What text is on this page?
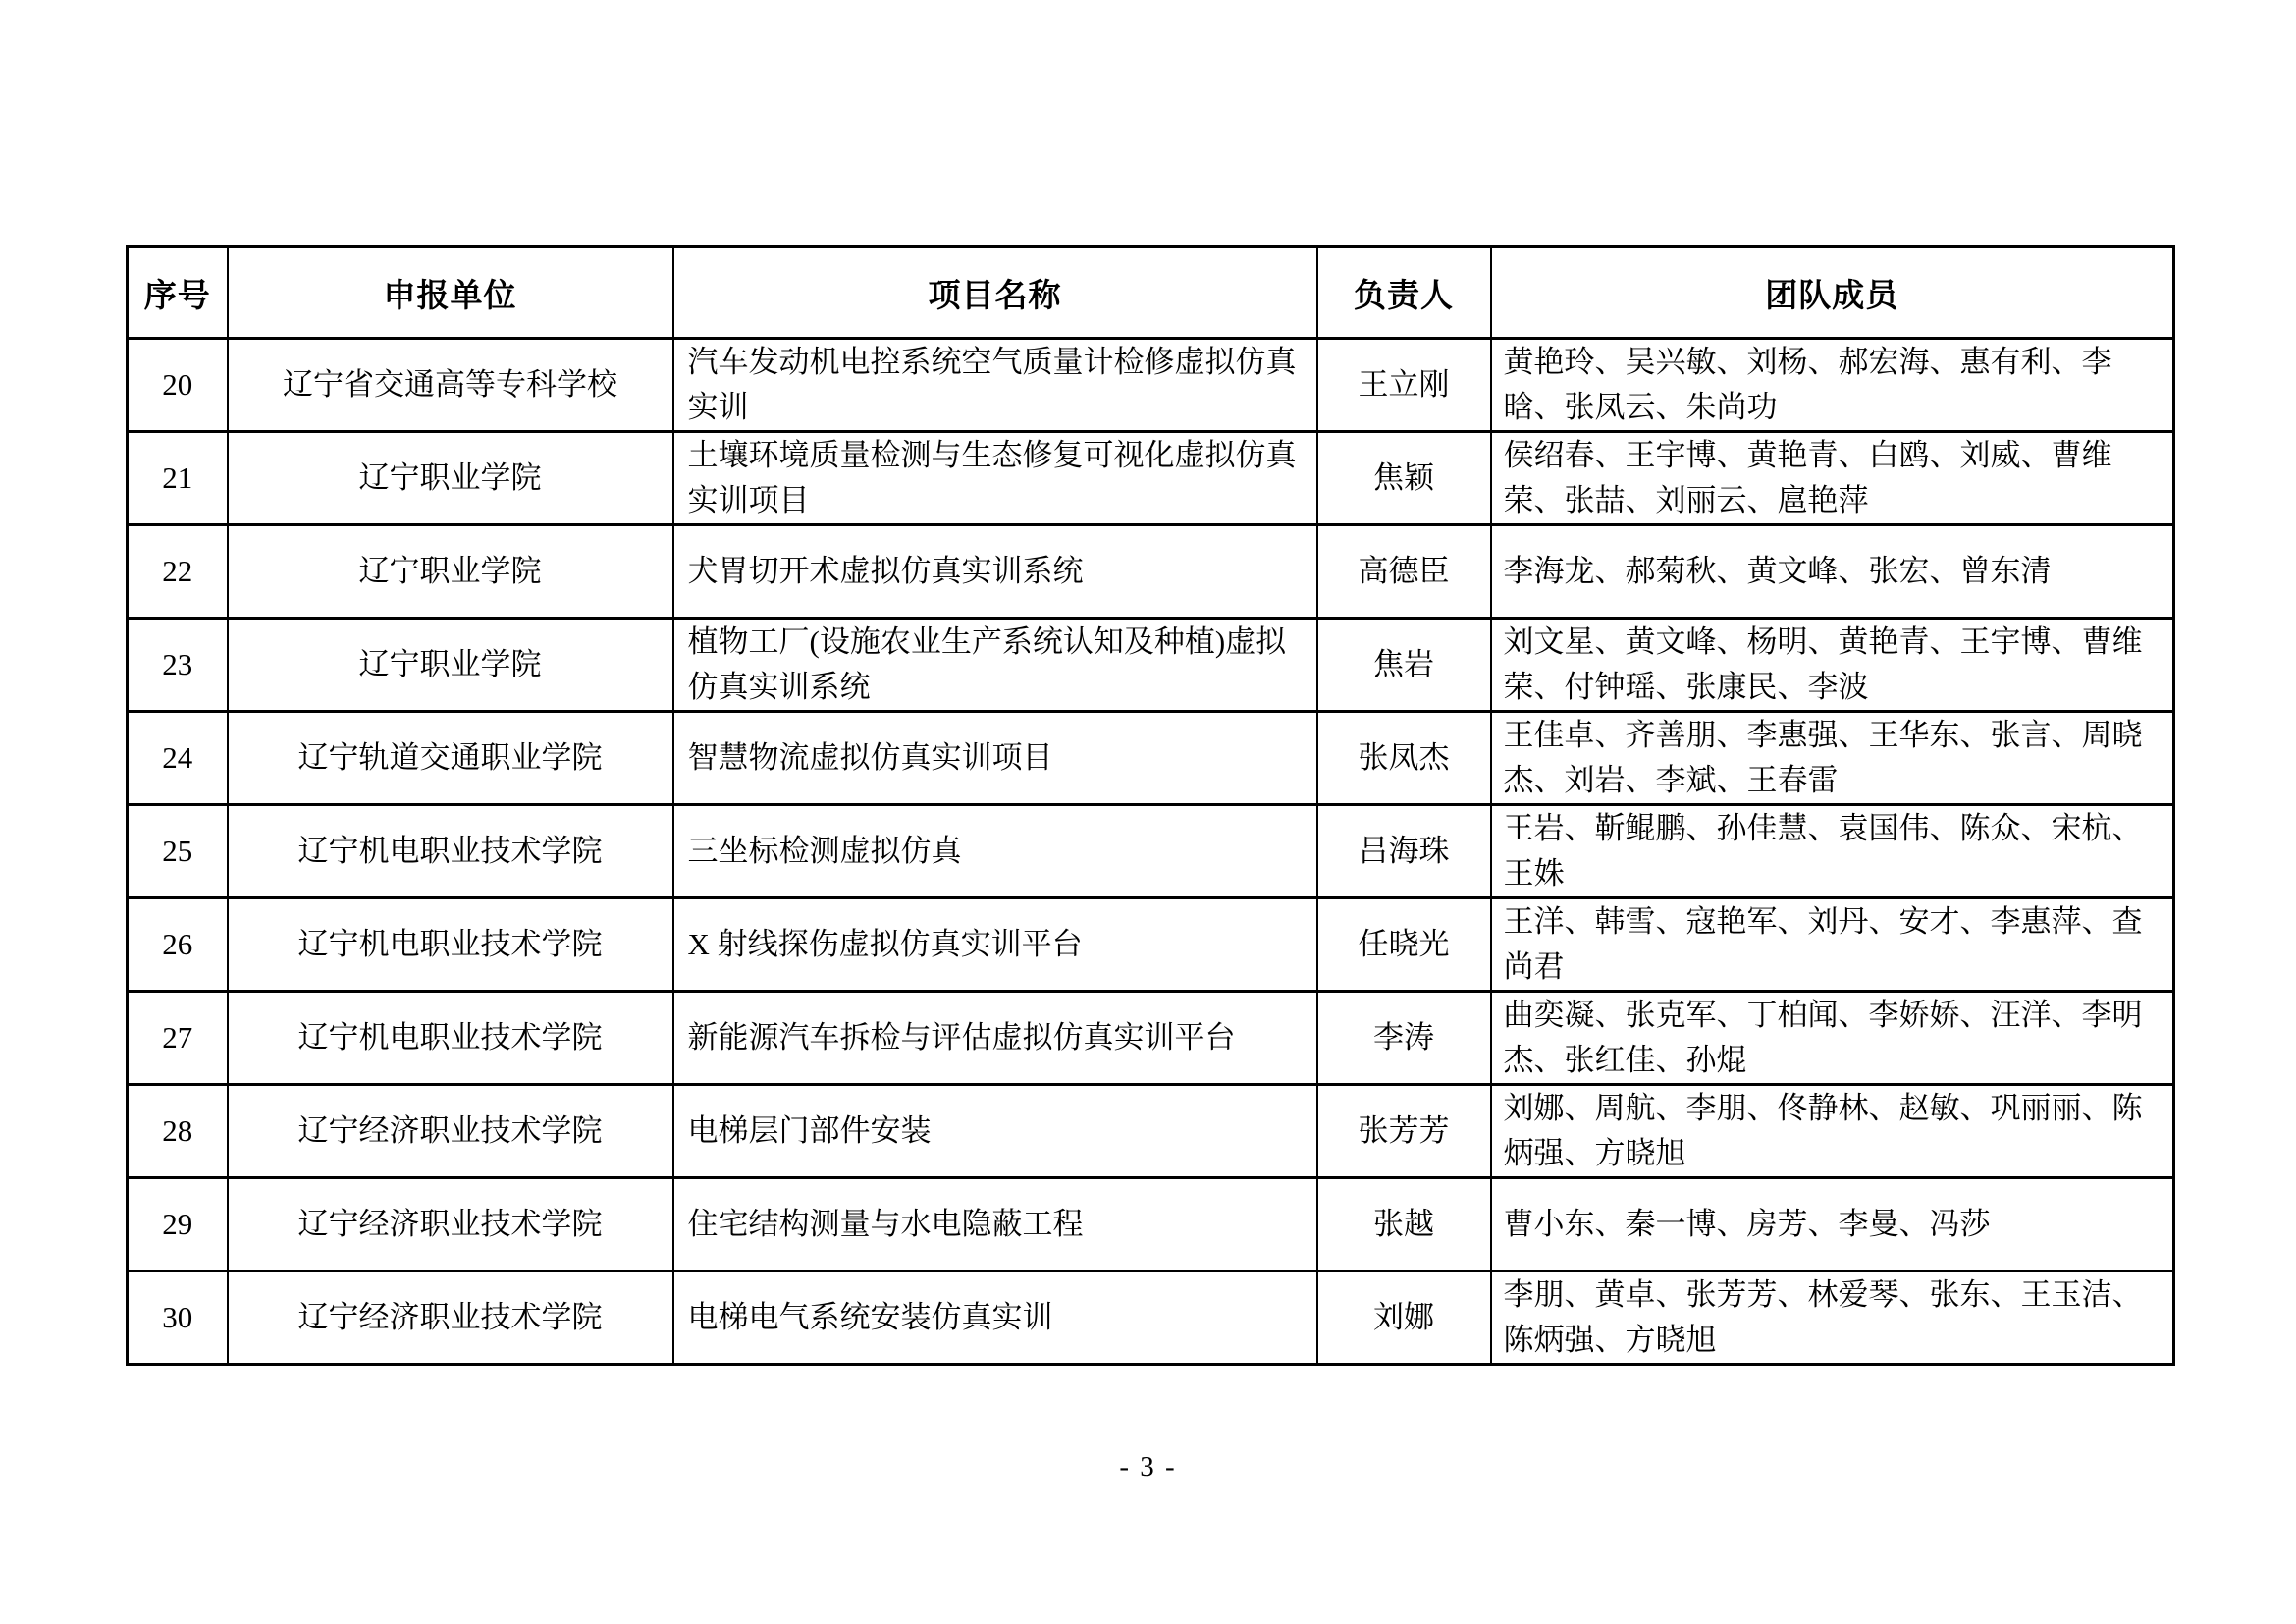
序号	申报单位	项目名称	负责人	团队成员
20	辽宁省交通高等专科学校	汽车发动机电控系统空气质量计检修虚拟仿真实训	王立刚	黄艳玲、吴兴敏、刘杨、郝宏海、惠有利、李晗、张凤云、朱尚功
21	辽宁职业学院	土壤环境质量检测与生态修复可视化虚拟仿真实训项目	焦颖	侯绍春、王宇博、黄艳青、白鸥、刘威、曹维荣、张喆、刘丽云、扈艳萍
22	辽宁职业学院	犬胃切开术虚拟仿真实训系统	高德臣	李海龙、郝菊秋、黄文峰、张宏、曾东清
23	辽宁职业学院	植物工厂(设施农业生产系统认知及种植)虚拟仿真实训系统	焦岩	刘文星、黄文峰、杨明、黄艳青、王宇博、曹维荣、付钟瑶、张康民、李波
24	辽宁轨道交通职业学院	智慧物流虚拟仿真实训项目	张凤杰	王佳卓、齐善朋、李惠强、王华东、张言、周晓杰、刘岩、李斌、王春雷
25	辽宁机电职业技术学院	三坐标检测虚拟仿真	吕海珠	王岩、靳鲲鹏、孙佳慧、袁国伟、陈众、宋杭、王姝
26	辽宁机电职业技术学院	X 射线探伤虚拟仿真实训平台	任晓光	王洋、韩雪、寇艳军、刘丹、安才、李惠萍、查尚君
27	辽宁机电职业技术学院	新能源汽车拆检与评估虚拟仿真实训平台	李涛	曲奕凝、张克军、丁柏闻、李娇娇、汪洋、李明杰、张红佳、孙焜
28	辽宁经济职业技术学院	电梯层门部件安装	张芳芳	刘娜、周航、李朋、佟静林、赵敏、巩丽丽、陈炳强、方晓旭
29	辽宁经济职业技术学院	住宅结构测量与水电隐蔽工程	张越	曹小东、秦一博、房芳、李曼、冯莎
30	辽宁经济职业技术学院	电梯电气系统安装仿真实训	刘娜	李朋、黄卓、张芳芳、林爱琴、张东、王玉洁、陈炳强、方晓旭
- 3 -
